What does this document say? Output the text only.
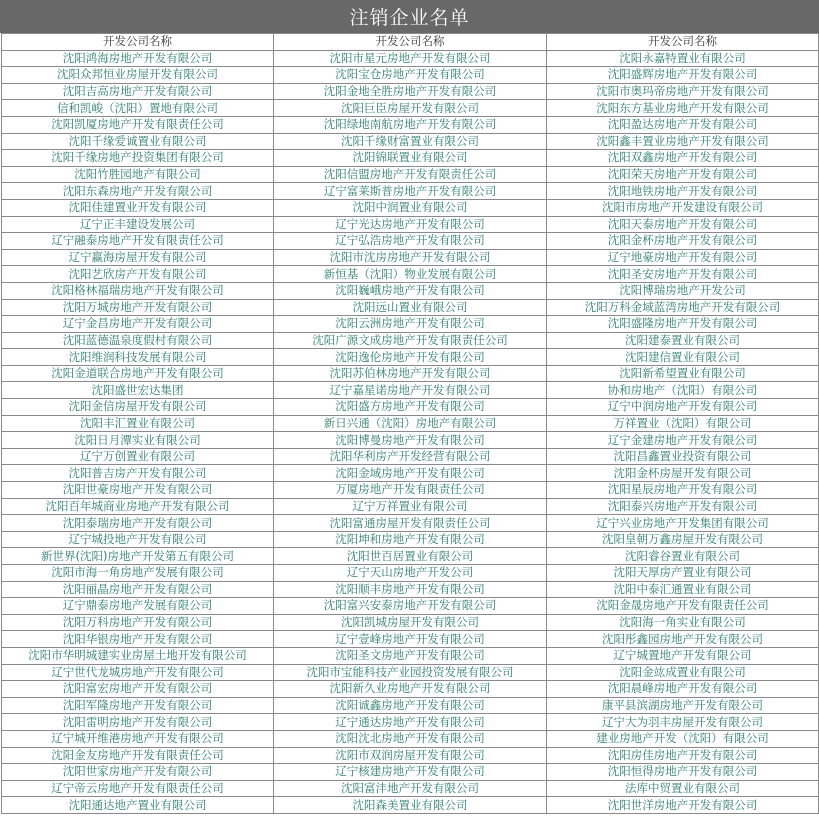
注销企业名单
开发公司名称	开发公司名称	开发公司名称
沈阳鸿海房地产开发有限公司	沈阳市星元房地产开发有限公司	沈阳永嘉特置业有限公司
沈阳众邦恒业房屋开发有限公司	沈阳宝仓房地产开发有限公司	沈阳盛辉房地产开发有限公司
沈阳吉高房地产开发有限公司	沈阳金地全胜房地产开发有限公司	沈阳市奥玛帝房地产开发有限公司
信和凯峻（沈阳）置地有限公司	沈阳巨臣房屋开发有限公司	沈阳东方基业房地产开发有限公司
沈阳凯厦房地产开发有限责任公司	沈阳绿地南航房地产开发有限公司	沈阳盈达房地产开发有限公司
沈阳千缘爱诚置业有限公司	沈阳千缘财富置业有限公司	沈阳鑫丰置业房地产开发有限公司
沈阳千缘房地产投资集团有限公司	沈阳锦联置业有限公司	沈阳双鑫房地产开发有限公司
沈阳竹胜园地产有限公司	沈阳信盟房地产开发有限责任公司	沈阳荣天房地产开发有限公司
沈阳东森房地产开发有限公司	辽宁富莱斯普房地产开发有限公司	沈阳地铁房地产开发有限公司
沈阳佳建置业开发有限公司	沈阳中润置业有限公司	沈阳市房地产开发建设有限公司
辽宁正丰建设发展公司	辽宁光达房地产开发有限公司	沈阳天泰房地产开发有限公司
辽宁融泰房地产开发有限责任公司	辽宁弘浩房地产开发有限公司	沈阳金杯房地产开发有限公司
辽宁赢海房屋开发有限公司	沈阳市沈房房地产开发有限公司	辽宁地豪房地产开发有限公司
沈阳艺欣房产开发有限公司	新恒基（沈阳）物业发展有限公司	沈阳圣安房地产开发有限公司
沈阳格林福瑞房地产开发有限公司	沈阳巍峨房地产开发有限公司	沈阳博瑞房地产开发公司
沈阳万城房地产开发有限公司	沈阳远山置业有限公司	沈阳万科金域蓝湾房地产开发有限公司
辽宁金昌房地产开发有限公司	沈阳云洲房地产开发有限公司	沈阳盛隆房地产开发有限公司
沈阳蓝德温泉度假村有限公司	沈阳广源文成房地产开发有限责任公司	沈阳建泰置业有限公司
沈阳维润科技发展有限公司	沈阳逸伦房地产开发有限公司	沈阳建信置业有限公司
沈阳金道联合房地产开发有限公司	沈阳苏伯林房地产开发有限公司	沈阳新希望置业有限公司
沈阳盛世宏达集团	辽宁嘉星诺房地产开发有限公司	协和房地产（沈阳）有限公司
沈阳金信房屋开发有限公司	沈阳盛方房地产开发有限公司	辽宁中润房地产开发有限公司
沈阳丰汇置业有限公司	新日兴通（沈阳）房地产有限公司	万祥置业（沈阳）有限公司
沈阳日月潭实业有限公司	沈阳博曼房地产开发有限公司	辽宁金建房地产开发有限公司
辽宁万创置业有限公司	沈阳华利房产开发经营有限公司	沈阳昌鑫置业投资有限公司
沈阳普吉房产开发有限公司	沈阳金域房地产开发有限公司	沈阳金杯房屋开发有限公司
沈阳世豪房地产开发有限公司	万厦房地产开发有限责任公司	沈阳星辰房地产开发有限公司
沈阳百年城商业房地产开发有限公司	辽宁万祥置业有限公司	沈阳泰兴房地产开发有限公司
沈阳泰瑞房地产开发有限公司	沈阳富通房屋开发有限责任公司	辽宁兴业房地产开发集团有限公司
辽宁城投地产开发有限公司	沈阳坤和房地产开发有限公司	沈阳皇朝万鑫房屋开发有限公司
新世界(沈阳)房地产开发第五有限公司	沈阳世百居置业有限公司	沈阳睿谷置业有限公司
沈阳市海一角房地产发展有限公司	辽宁天山房地产开发公司	沈阳天厚房产置业有限公司
沈阳丽晶房地产开发有限公司	沈阳顺丰房地产开发有限公司	沈阳中泰汇通置业有限公司
辽宁鼎泰房地产发展有限公司	沈阳富兴安泰房地产开发有限公司	沈阳金晟房地产开发有限责任公司
沈阳万科房地产开发有限公司	沈阳凯城房屋开发有限公司	沈阳海一角实业有限公司
沈阳华银房地产开发有限公司	辽宁壹峰房地产开发有限公司	沈阳彤鑫园房地产开发有限公司
沈阳市华明城建实业房屋土地开发有限公司	沈阳圣文房地产开发有限公司	辽宁城置地产开发有限公司
辽宁世代龙城房地产开发有限公司	沈阳市宝能科技产业园投资发展有限公司	沈阳金竑成置业有限公司
沈阳富宏房地产开发有限公司	沈阳新久业房地产开发有限公司	沈阳晨峰房地产开发有限公司
沈阳军隆房地产开发有限公司	沈阳诚鑫房地产开发有限公司	康平县滨湖房地产开发有限公司
沈阳雷明房地产开发有限公司	辽宁通达房地产开发有限公司	辽宁大为羽丰房屋开发有限公司
辽宁城开维港房地产开发有限公司	沈阳沈北房地产开发有限公司	建业房地产开发（沈阳）有限公司
沈阳金友房地产开发有限责任公司	沈阳市双润房屋开发有限公司	沈阳房佳房地产开发有限公司
沈阳世家房地产开发有限公司	辽宁核建房地产开发有限公司	沈阳恒得房地产开发有限公司
辽宁帝云房地产开发有限责任公司	沈阳富沣地产开发有限公司	法库中贸置业有限公司
沈阳通达地产置业有限公司	沈阳森美置业有限公司	沈阳世洋房地产开发有限公司
